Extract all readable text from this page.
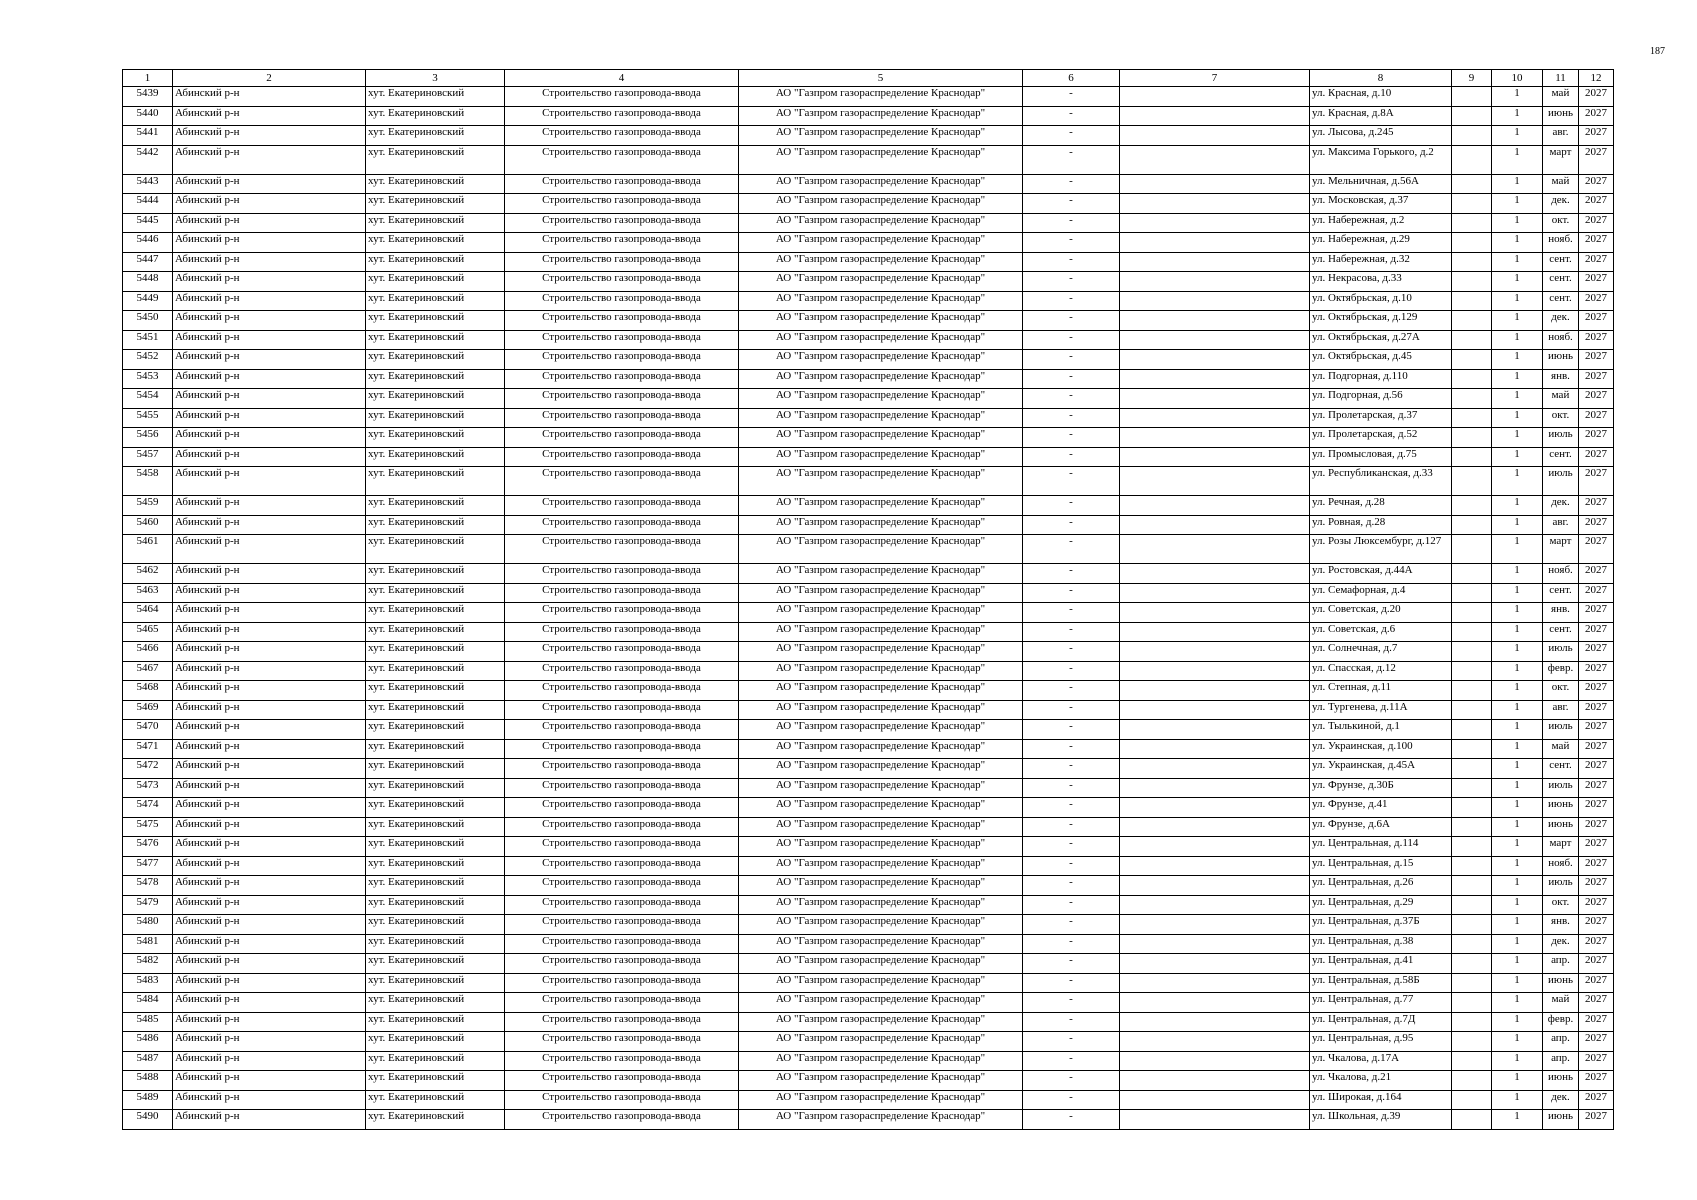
187
1	2	3	4	5	6	7	8	9	10	11	12
5439	Абинский р-н	хут. Екатериновский	Строительство газопровода-ввода	АО "Газпром газораспределение Краснодар"	-		ул. Красная, д.10		1	май	2027
5440	Абинский р-н	хут. Екатериновский	Строительство газопровода-ввода	АО "Газпром газораспределение Краснодар"	-		ул. Красная, д.8А		1	июнь	2027
5441	Абинский р-н	хут. Екатериновский	Строительство газопровода-ввода	АО "Газпром газораспределение Краснодар"	-		ул. Лысова, д.245		1	авг.	2027
5442	Абинский р-н	хут. Екатериновский	Строительство газопровода-ввода	АО "Газпром газораспределение Краснодар"	-		ул. Максима Горького, д.2		1	март	2027
5443	Абинский р-н	хут. Екатериновский	Строительство газопровода-ввода	АО "Газпром газораспределение Краснодар"	-		ул. Мельничная, д.56А		1	май	2027
5444	Абинский р-н	хут. Екатериновский	Строительство газопровода-ввода	АО "Газпром газораспределение Краснодар"	-		ул. Московская, д.37		1	дек.	2027
5445	Абинский р-н	хут. Екатериновский	Строительство газопровода-ввода	АО "Газпром газораспределение Краснодар"	-		ул. Набережная, д.2		1	окт.	2027
5446	Абинский р-н	хут. Екатериновский	Строительство газопровода-ввода	АО "Газпром газораспределение Краснодар"	-		ул. Набережная, д.29		1	нояб.	2027
5447	Абинский р-н	хут. Екатериновский	Строительство газопровода-ввода	АО "Газпром газораспределение Краснодар"	-		ул. Набережная, д.32		1	сент.	2027
5448	Абинский р-н	хут. Екатериновский	Строительство газопровода-ввода	АО "Газпром газораспределение Краснодар"	-		ул. Некрасова, д.33		1	сент.	2027
5449	Абинский р-н	хут. Екатериновский	Строительство газопровода-ввода	АО "Газпром газораспределение Краснодар"	-		ул. Октябрьская, д.10		1	сент.	2027
5450	Абинский р-н	хут. Екатериновский	Строительство газопровода-ввода	АО "Газпром газораспределение Краснодар"	-		ул. Октябрьская, д.129		1	дек.	2027
5451	Абинский р-н	хут. Екатериновский	Строительство газопровода-ввода	АО "Газпром газораспределение Краснодар"	-		ул. Октябрьская, д.27А		1	нояб.	2027
5452	Абинский р-н	хут. Екатериновский	Строительство газопровода-ввода	АО "Газпром газораспределение Краснодар"	-		ул. Октябрьская, д.45		1	июнь	2027
5453	Абинский р-н	хут. Екатериновский	Строительство газопровода-ввода	АО "Газпром газораспределение Краснодар"	-		ул. Подгорная, д.110		1	янв.	2027
5454	Абинский р-н	хут. Екатериновский	Строительство газопровода-ввода	АО "Газпром газораспределение Краснодар"	-		ул. Подгорная, д.56		1	май	2027
5455	Абинский р-н	хут. Екатериновский	Строительство газопровода-ввода	АО "Газпром газораспределение Краснодар"	-		ул. Пролетарская, д.37		1	окт.	2027
5456	Абинский р-н	хут. Екатериновский	Строительство газопровода-ввода	АО "Газпром газораспределение Краснодар"	-		ул. Пролетарская, д.52		1	июль	2027
5457	Абинский р-н	хут. Екатериновский	Строительство газопровода-ввода	АО "Газпром газораспределение Краснодар"	-		ул. Промысловая, д.75		1	сент.	2027
5458	Абинский р-н	хут. Екатериновский	Строительство газопровода-ввода	АО "Газпром газораспределение Краснодар"	-		ул. Республиканская, д.33		1	июль	2027
5459	Абинский р-н	хут. Екатериновский	Строительство газопровода-ввода	АО "Газпром газораспределение Краснодар"	-		ул. Речная, д.28		1	дек.	2027
5460	Абинский р-н	хут. Екатериновский	Строительство газопровода-ввода	АО "Газпром газораспределение Краснодар"	-		ул. Ровная, д.28		1	авг.	2027
5461	Абинский р-н	хут. Екатериновский	Строительство газопровода-ввода	АО "Газпром газораспределение Краснодар"	-		ул. Розы Люксембург, д.127		1	март	2027
5462	Абинский р-н	хут. Екатериновский	Строительство газопровода-ввода	АО "Газпром газораспределение Краснодар"	-		ул. Ростовская, д.44А		1	нояб.	2027
5463	Абинский р-н	хут. Екатериновский	Строительство газопровода-ввода	АО "Газпром газораспределение Краснодар"	-		ул. Семафорная, д.4		1	сент.	2027
5464	Абинский р-н	хут. Екатериновский	Строительство газопровода-ввода	АО "Газпром газораспределение Краснодар"	-		ул. Советская, д.20		1	янв.	2027
5465	Абинский р-н	хут. Екатериновский	Строительство газопровода-ввода	АО "Газпром газораспределение Краснодар"	-		ул. Советская, д.6		1	сент.	2027
5466	Абинский р-н	хут. Екатериновский	Строительство газопровода-ввода	АО "Газпром газораспределение Краснодар"	-		ул. Солнечная, д.7		1	июль	2027
5467	Абинский р-н	хут. Екатериновский	Строительство газопровода-ввода	АО "Газпром газораспределение Краснодар"	-		ул. Спасская, д.12		1	февр.	2027
5468	Абинский р-н	хут. Екатериновский	Строительство газопровода-ввода	АО "Газпром газораспределение Краснодар"	-		ул. Степная, д.11		1	окт.	2027
5469	Абинский р-н	хут. Екатериновский	Строительство газопровода-ввода	АО "Газпром газораспределение Краснодар"	-		ул. Тургенева, д.11А		1	авг.	2027
5470	Абинский р-н	хут. Екатериновский	Строительство газопровода-ввода	АО "Газпром газораспределение Краснодар"	-		ул. Тылькиной, д.1		1	июль	2027
5471	Абинский р-н	хут. Екатериновский	Строительство газопровода-ввода	АО "Газпром газораспределение Краснодар"	-		ул. Украинская, д.100		1	май	2027
5472	Абинский р-н	хут. Екатериновский	Строительство газопровода-ввода	АО "Газпром газораспределение Краснодар"	-		ул. Украинская, д.45А		1	сент.	2027
5473	Абинский р-н	хут. Екатериновский	Строительство газопровода-ввода	АО "Газпром газораспределение Краснодар"	-		ул. Фрунзе, д.30Б		1	июль	2027
5474	Абинский р-н	хут. Екатериновский	Строительство газопровода-ввода	АО "Газпром газораспределение Краснодар"	-		ул. Фрунзе, д.41		1	июнь	2027
5475	Абинский р-н	хут. Екатериновский	Строительство газопровода-ввода	АО "Газпром газораспределение Краснодар"	-		ул. Фрунзе, д.6А		1	июнь	2027
5476	Абинский р-н	хут. Екатериновский	Строительство газопровода-ввода	АО "Газпром газораспределение Краснодар"	-		ул. Центральная, д.114		1	март	2027
5477	Абинский р-н	хут. Екатериновский	Строительство газопровода-ввода	АО "Газпром газораспределение Краснодар"	-		ул. Центральная, д.15		1	нояб.	2027
5478	Абинский р-н	хут. Екатериновский	Строительство газопровода-ввода	АО "Газпром газораспределение Краснодар"	-		ул. Центральная, д.26		1	июль	2027
5479	Абинский р-н	хут. Екатериновский	Строительство газопровода-ввода	АО "Газпром газораспределение Краснодар"	-		ул. Центральная, д.29		1	окт.	2027
5480	Абинский р-н	хут. Екатериновский	Строительство газопровода-ввода	АО "Газпром газораспределение Краснодар"	-		ул. Центральная, д.37Б		1	янв.	2027
5481	Абинский р-н	хут. Екатериновский	Строительство газопровода-ввода	АО "Газпром газораспределение Краснодар"	-		ул. Центральная, д.38		1	дек.	2027
5482	Абинский р-н	хут. Екатериновский	Строительство газопровода-ввода	АО "Газпром газораспределение Краснодар"	-		ул. Центральная, д.41		1	апр.	2027
5483	Абинский р-н	хут. Екатериновский	Строительство газопровода-ввода	АО "Газпром газораспределение Краснодар"	-		ул. Центральная, д.58Б		1	июнь	2027
5484	Абинский р-н	хут. Екатериновский	Строительство газопровода-ввода	АО "Газпром газораспределение Краснодар"	-		ул. Центральная, д.77		1	май	2027
5485	Абинский р-н	хут. Екатериновский	Строительство газопровода-ввода	АО "Газпром газораспределение Краснодар"	-		ул. Центральная, д.7Д		1	февр.	2027
5486	Абинский р-н	хут. Екатериновский	Строительство газопровода-ввода	АО "Газпром газораспределение Краснодар"	-		ул. Центральная, д.95		1	апр.	2027
5487	Абинский р-н	хут. Екатериновский	Строительство газопровода-ввода	АО "Газпром газораспределение Краснодар"	-		ул. Чкалова, д.17А		1	апр.	2027
5488	Абинский р-н	хут. Екатериновский	Строительство газопровода-ввода	АО "Газпром газораспределение Краснодар"	-		ул. Чкалова, д.21		1	июнь	2027
5489	Абинский р-н	хут. Екатериновский	Строительство газопровода-ввода	АО "Газпром газораспределение Краснодар"	-		ул. Широкая, д.164		1	дек.	2027
5490	Абинский р-н	хут. Екатериновский	Строительство газопровода-ввода	АО "Газпром газораспределение Краснодар"	-		ул. Школьная, д.39		1	июнь	2027
